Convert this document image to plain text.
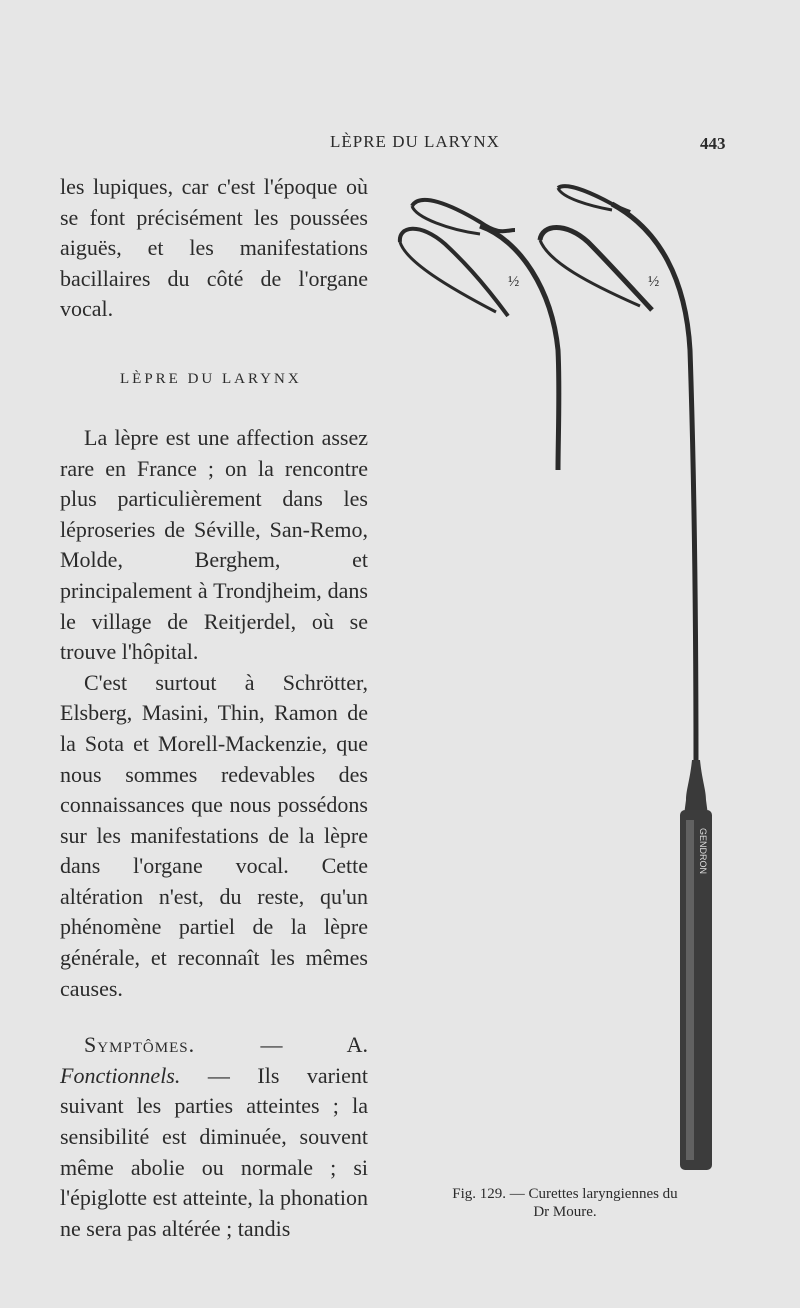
LÈPRE DU LARYNX	443

les lupiques, car c'est l'époque où se font précisément les poussées aiguës, et les manifestations bacillaires du côté de l'organe vocal.

LÈPRE DU LARYNX

La lèpre est une affection assez rare en France ; on la rencontre plus particulièrement dans les léproseries de Séville, San-Remo, Molde, Berghem, et principalement à Trondjheim, dans le village de Reitjerdel, où se trouve l'hôpital.

C'est surtout à Schrötter, Elsberg, Masini, Thin, Ramon de la Sota et Morell-Mackenzie, que nous sommes redevables des connaissances que nous possédons sur les manifestations de la lèpre dans l'organe vocal. Cette altération n'est, du reste, qu'un phénomène partiel de la lèpre générale, et reconnaît les mêmes causes.

Symptômes. — A. Fonctionnels. — Ils varient suivant les parties atteintes ; la sensibilité est diminuée, souvent même abolie ou normale ; si l'épiglotte est atteinte, la phonation ne sera pas altérée ; tandis

GENDRON
½	½
Fig. 129. — Curettes laryngiennes du
Dr Moure.
